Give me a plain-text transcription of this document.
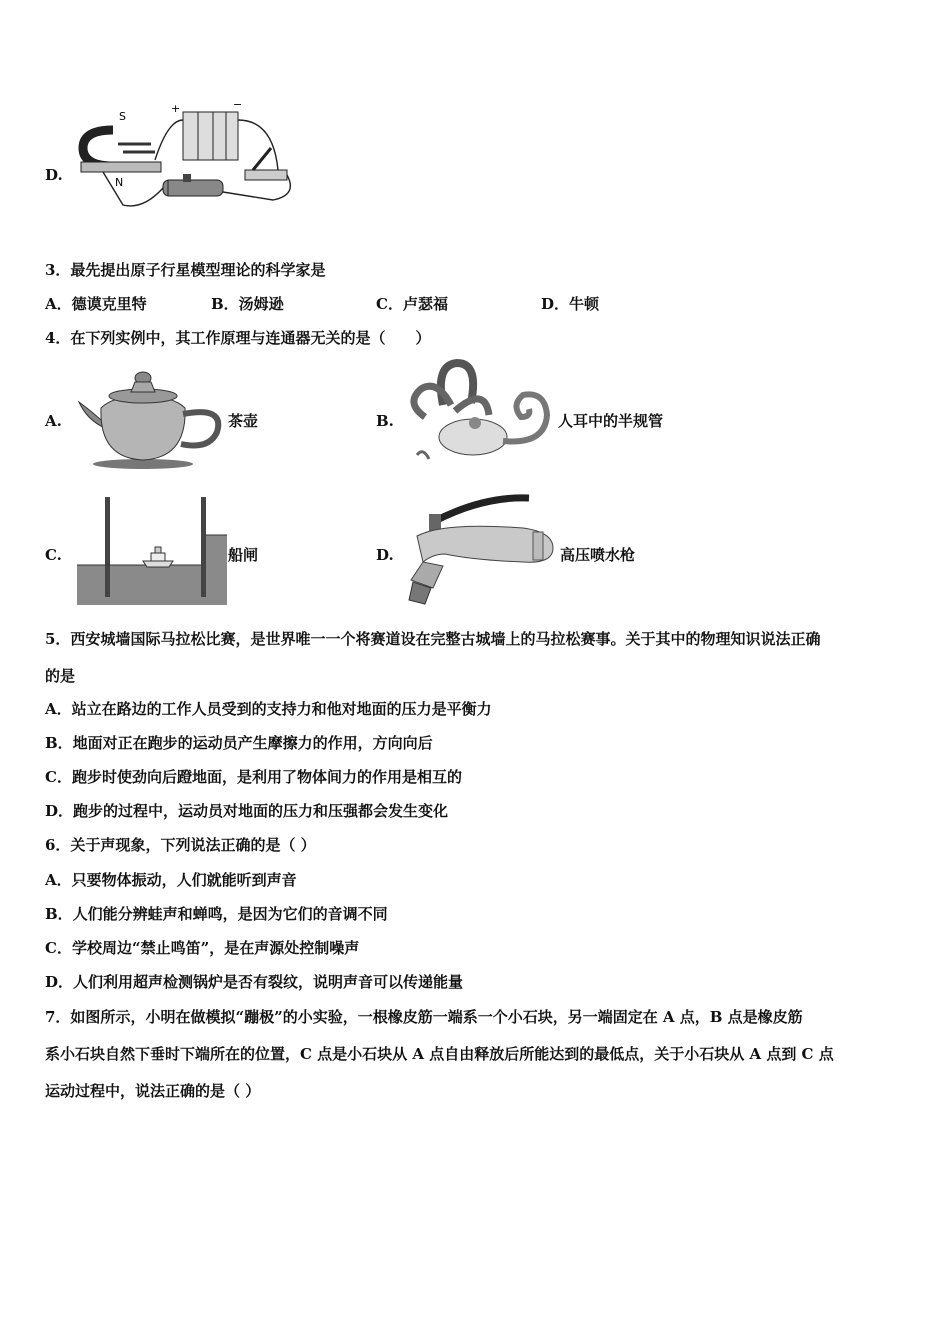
D.
S
N
+	−
3．最先提出原子行星模型理论的科学家是
A．德谟克里特	B．汤姆逊	C．卢瑟福	D．牛顿
4．在下列实例中，其工作原理与连通器无关的是（　　）
A.	茶壶	B.	人耳中的半规管
C.	船闸	D.	高压喷水枪
5．西安城墙国际马拉松比赛，是世界唯一一个将赛道设在完整古城墙上的马拉松赛事。关于其中的物理知识说法正确
的是
A．站立在路边的工作人员受到的支持力和他对地面的压力是平衡力
B．地面对正在跑步的运动员产生摩擦力的作用，方向向后
C．跑步时使劲向后蹬地面，是利用了物体间力的作用是相互的
D．跑步的过程中，运动员对地面的压力和压强都会发生变化
6．关于声现象，下列说法正确的是（ ）
A．只要物体振动，人们就能听到声音
B．人们能分辨蛙声和蝉鸣，是因为它们的音调不同
C．学校周边“禁止鸣笛”，是在声源处控制噪声
D．人们利用超声检测锅炉是否有裂纹，说明声音可以传递能量
7．如图所示，小明在做模拟“蹦极”的小实验，一根橡皮筋一端系一个小石块，另一端固定在 A 点，B 点是橡皮筋
系小石块自然下垂时下端所在的位置，C 点是小石块从 A 点自由释放后所能达到的最低点，关于小石块从 A 点到 C 点
运动过程中，说法正确的是（ ）
